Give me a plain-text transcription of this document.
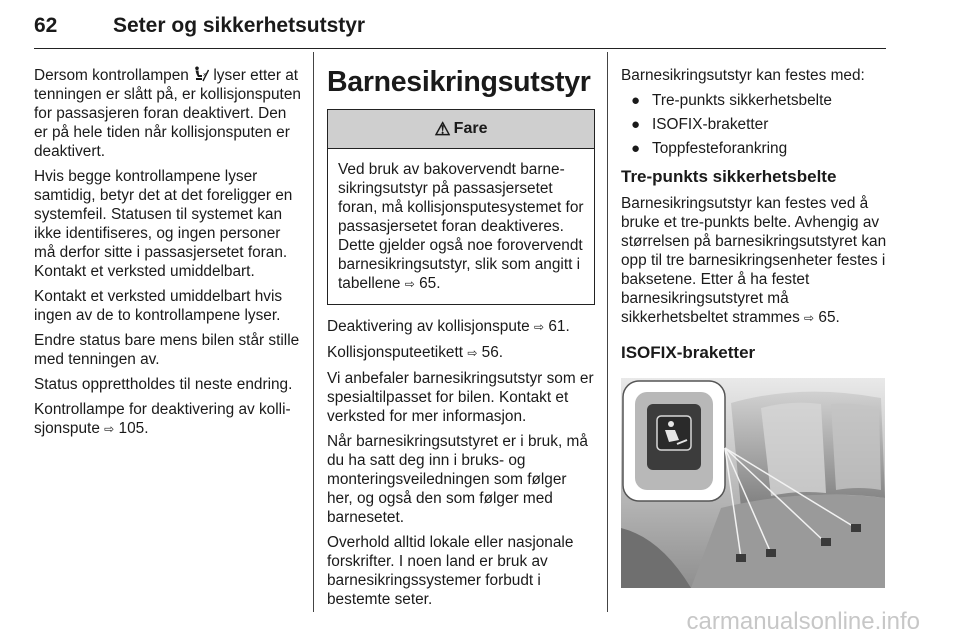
62	Seter og sikkerhetsutstyr

Dersom kontrollampen	x lyser etter at tenningen er slått på, er kollisjonsputen for passasjeren foran deaktivert. Den er på hele tiden når kollisjonsputen er deaktivert.

Hvis begge kontrollampene lyser samtidig, betyr det at det foreligger en systemfeil. Statusen til systemet kan ikke identifiseres, og ingen personer må derfor sitte i passasjersetet foran. Kontakt et verksted umiddelbart.

Kontakt et verksted umiddelbart hvis ingen av de to kontrollampene lyser.

Endre status bare mens bilen står stille med tenningen av.

Status opprettholdes til neste endring.

Kontrollampe for deaktivering av kollisjonspute ⇨ 105.

Barnesikringsutstyr
⚠ Fare
Ved bruk av bakovervendt barnesikringsutstyr på passasjersetet foran, må kollisjonsputesystemet for passasjersetet foran deaktiveres. Dette gjelder også noe forovervendt barnesikringsutstyr, slik som angitt i tabellene ⇨ 65.

Deaktivering av kollisjonspute ⇨ 61.

Kollisjonsputeetikett ⇨ 56.

Vi anbefaler barnesikringsutstyr som er spesialtilpasset for bilen. Kontakt et verksted for mer informasjon.

Når barnesikringsutstyret er i bruk, må du ha satt deg inn i bruks- og monteringsveiledningen som følger her, og også den som følger med barnesetet.

Overhold alltid lokale eller nasjonale forskrifter. I noen land er bruk av barnesikringssystemer forbudt i bestemte seter.

Barnesikringsutstyr kan festes med:

● Tre-punkts sikkerhetsbelte
● ISOFIX-braketter
● Toppfesteforankring
Tre-punkts sikkerhetsbelte

Barnesikringsutstyr kan festes ved å bruke et tre-punkts belte. Avhengig av størrelsen på barnesikringsutstyret kan opp til tre barnesikringsenheter festes i baksetene. Etter å ha festet barnesikringsutstyret må sikkerhetsbeltet strammes ⇨ 65.

ISOFIX-braketter
carmanualsonline.info
